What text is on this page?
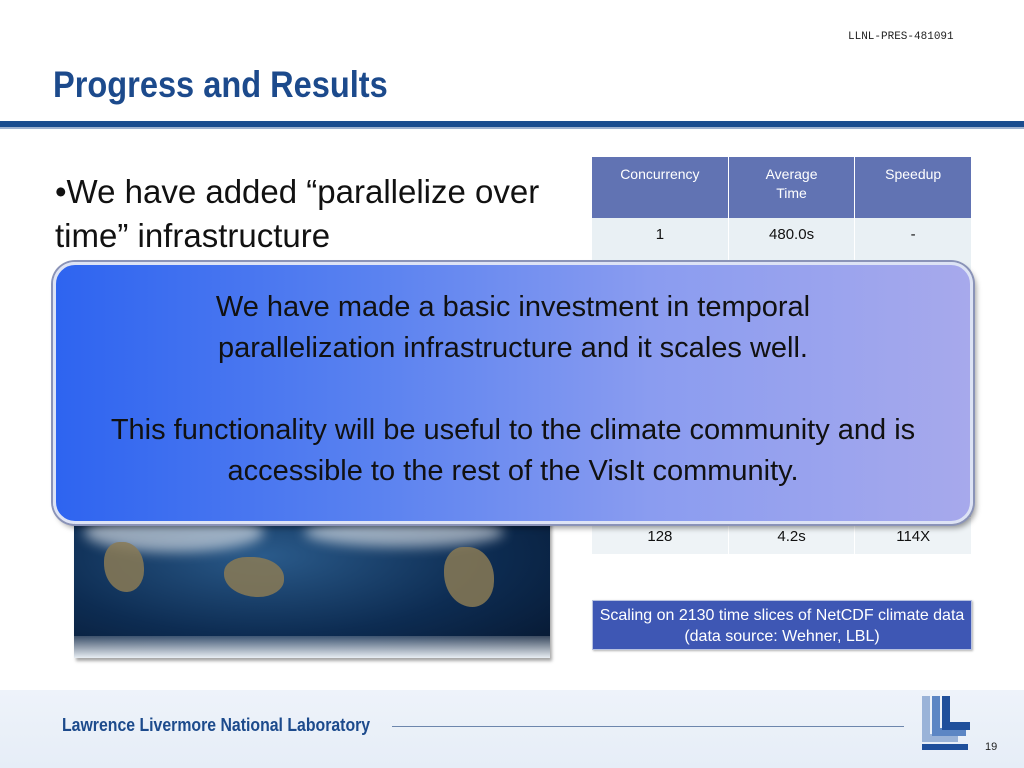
LLNL-PRES-481091
Progress and Results
•We have added “parallelize over time” infrastructure
Concurrency	Average Time	Speedup
1	480.0s	-

128	4.2s	114X
Scaling on 2130 time slices of NetCDF climate data (data source: Wehner, LBL)

We have made a basic investment in temporal parallelization infrastructure and it scales well.

This functionality will be useful to the climate community and is accessible to the rest of the VisIt community.

Lawrence Livermore National Laboratory
19
